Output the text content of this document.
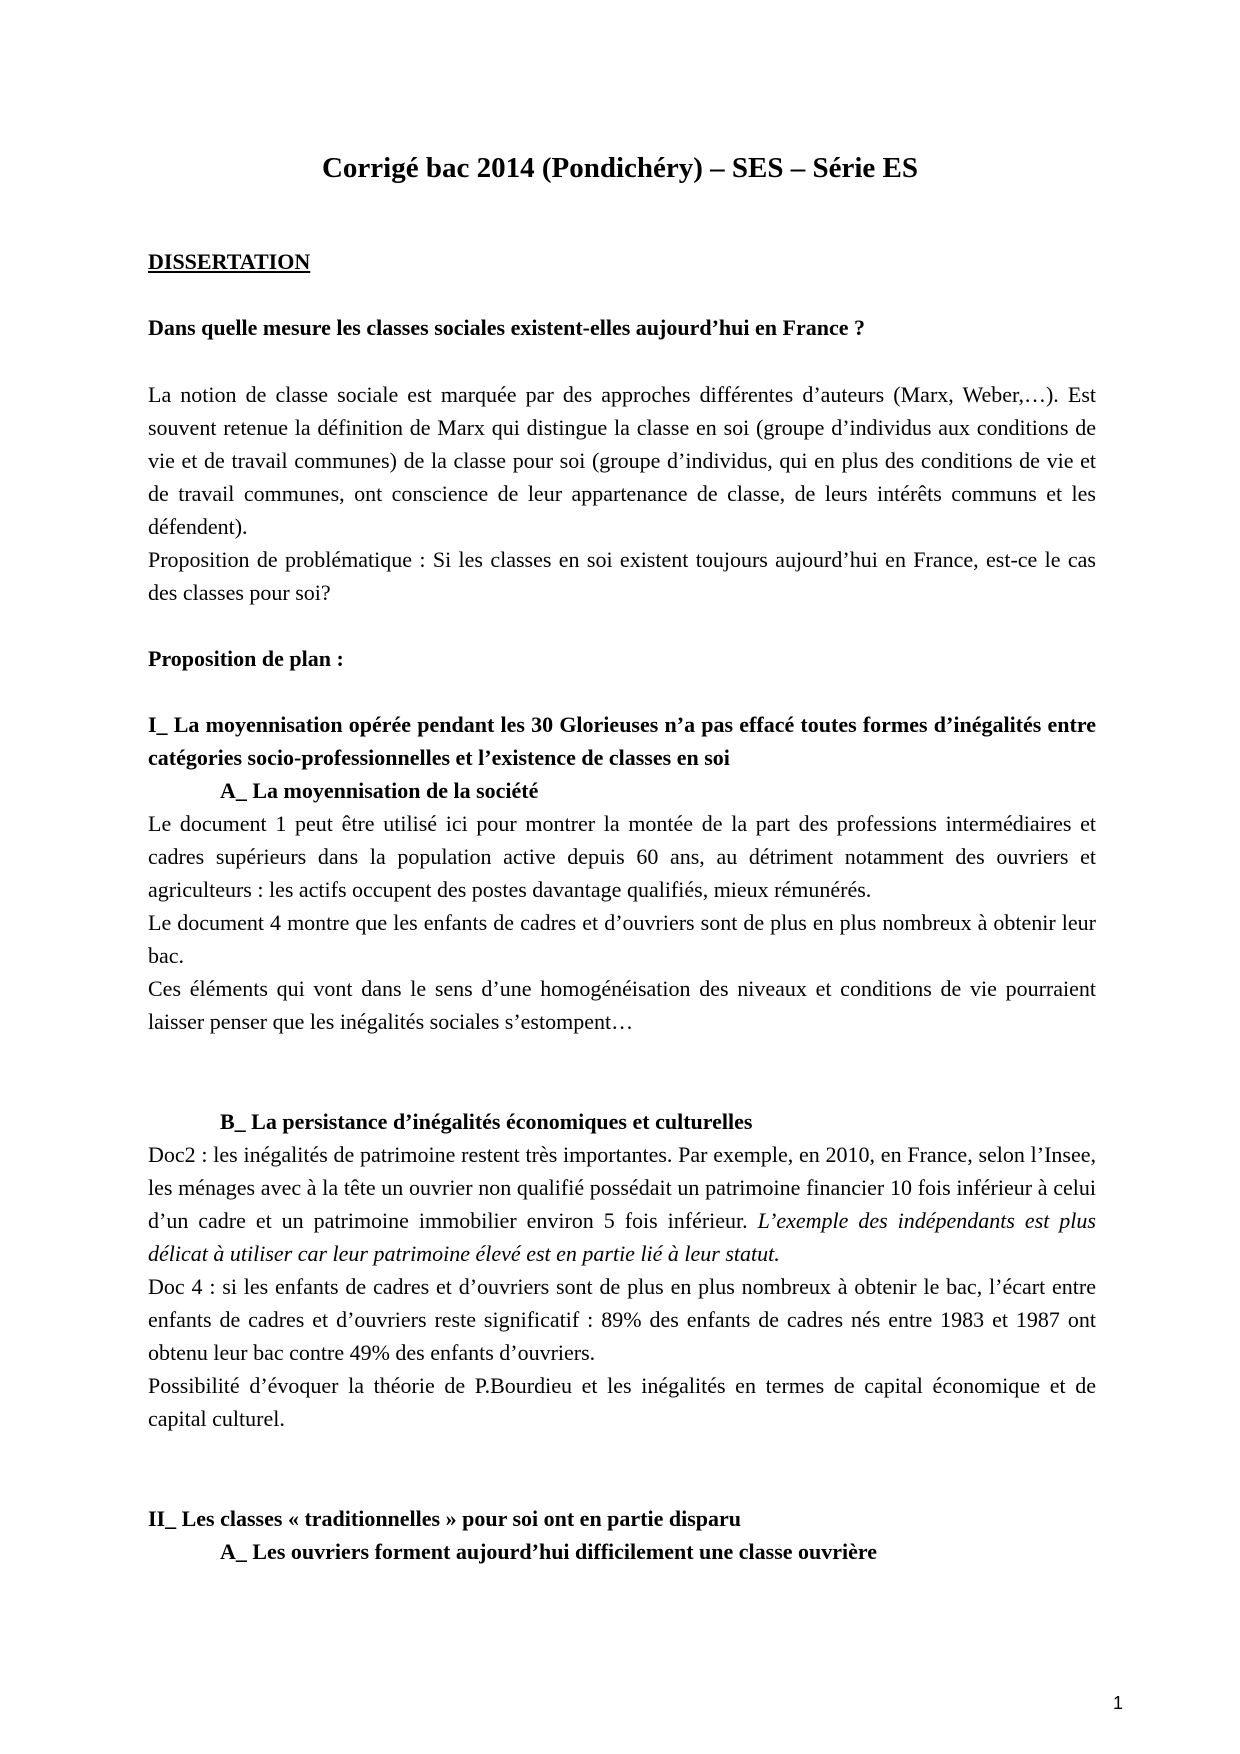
Corrigé bac 2014 (Pondichéry) – SES – Série ES

DISSERTATION

Dans quelle mesure les classes sociales existent-elles aujourd’hui en France ?

La notion de classe sociale est marquée par des approches différentes d’auteurs (Marx, Weber,…). Est souvent retenue la définition de Marx qui distingue la classe en soi (groupe d’individus aux conditions de vie et de travail communes) de la classe pour soi (groupe d’individus, qui en plus des conditions de vie et de travail communes, ont conscience de leur appartenance de classe, de leurs intérêts communs et les défendent).

Proposition de problématique : Si les classes en soi existent toujours aujourd’hui en France, est-ce le cas des classes pour soi?

Proposition de plan :

I_ La moyennisation opérée pendant les 30 Glorieuses n’a pas effacé toutes formes d’inégalités entre catégories socio-professionnelles et l’existence de classes en soi

A_ La moyennisation de la société

Le document 1 peut être utilisé ici pour montrer la montée de la part des professions intermédiaires et cadres supérieurs dans la population active depuis 60 ans, au détriment notamment des ouvriers et agriculteurs : les actifs occupent des postes davantage qualifiés, mieux rémunérés.

Le document 4 montre que les enfants de cadres et d’ouvriers sont de plus en plus nombreux à obtenir leur bac.

Ces éléments qui vont dans le sens d’une homogénéisation des niveaux et conditions de vie pourraient laisser penser que les inégalités sociales s’estompent…

B_ La persistance d’inégalités économiques et culturelles

Doc2 : les inégalités de patrimoine restent très importantes. Par exemple, en 2010, en France, selon l’Insee, les ménages avec à la tête un ouvrier non qualifié possédait un patrimoine financier 10 fois inférieur à celui d’un cadre et un patrimoine immobilier environ 5 fois inférieur. L’exemple des indépendants est plus délicat à utiliser car leur patrimoine élevé est en partie lié à leur statut.

Doc 4 : si les enfants de cadres et d’ouvriers sont de plus en plus nombreux à obtenir le bac, l’écart entre enfants de cadres et d’ouvriers reste significatif : 89% des enfants de cadres nés entre 1983 et 1987 ont obtenu leur bac contre 49% des enfants d’ouvriers.

Possibilité d’évoquer la théorie de P.Bourdieu et les inégalités en termes de capital économique et de capital culturel.

II_ Les classes « traditionnelles » pour soi ont en partie disparu

A_ Les ouvriers forment aujourd’hui difficilement une classe ouvrière

1
